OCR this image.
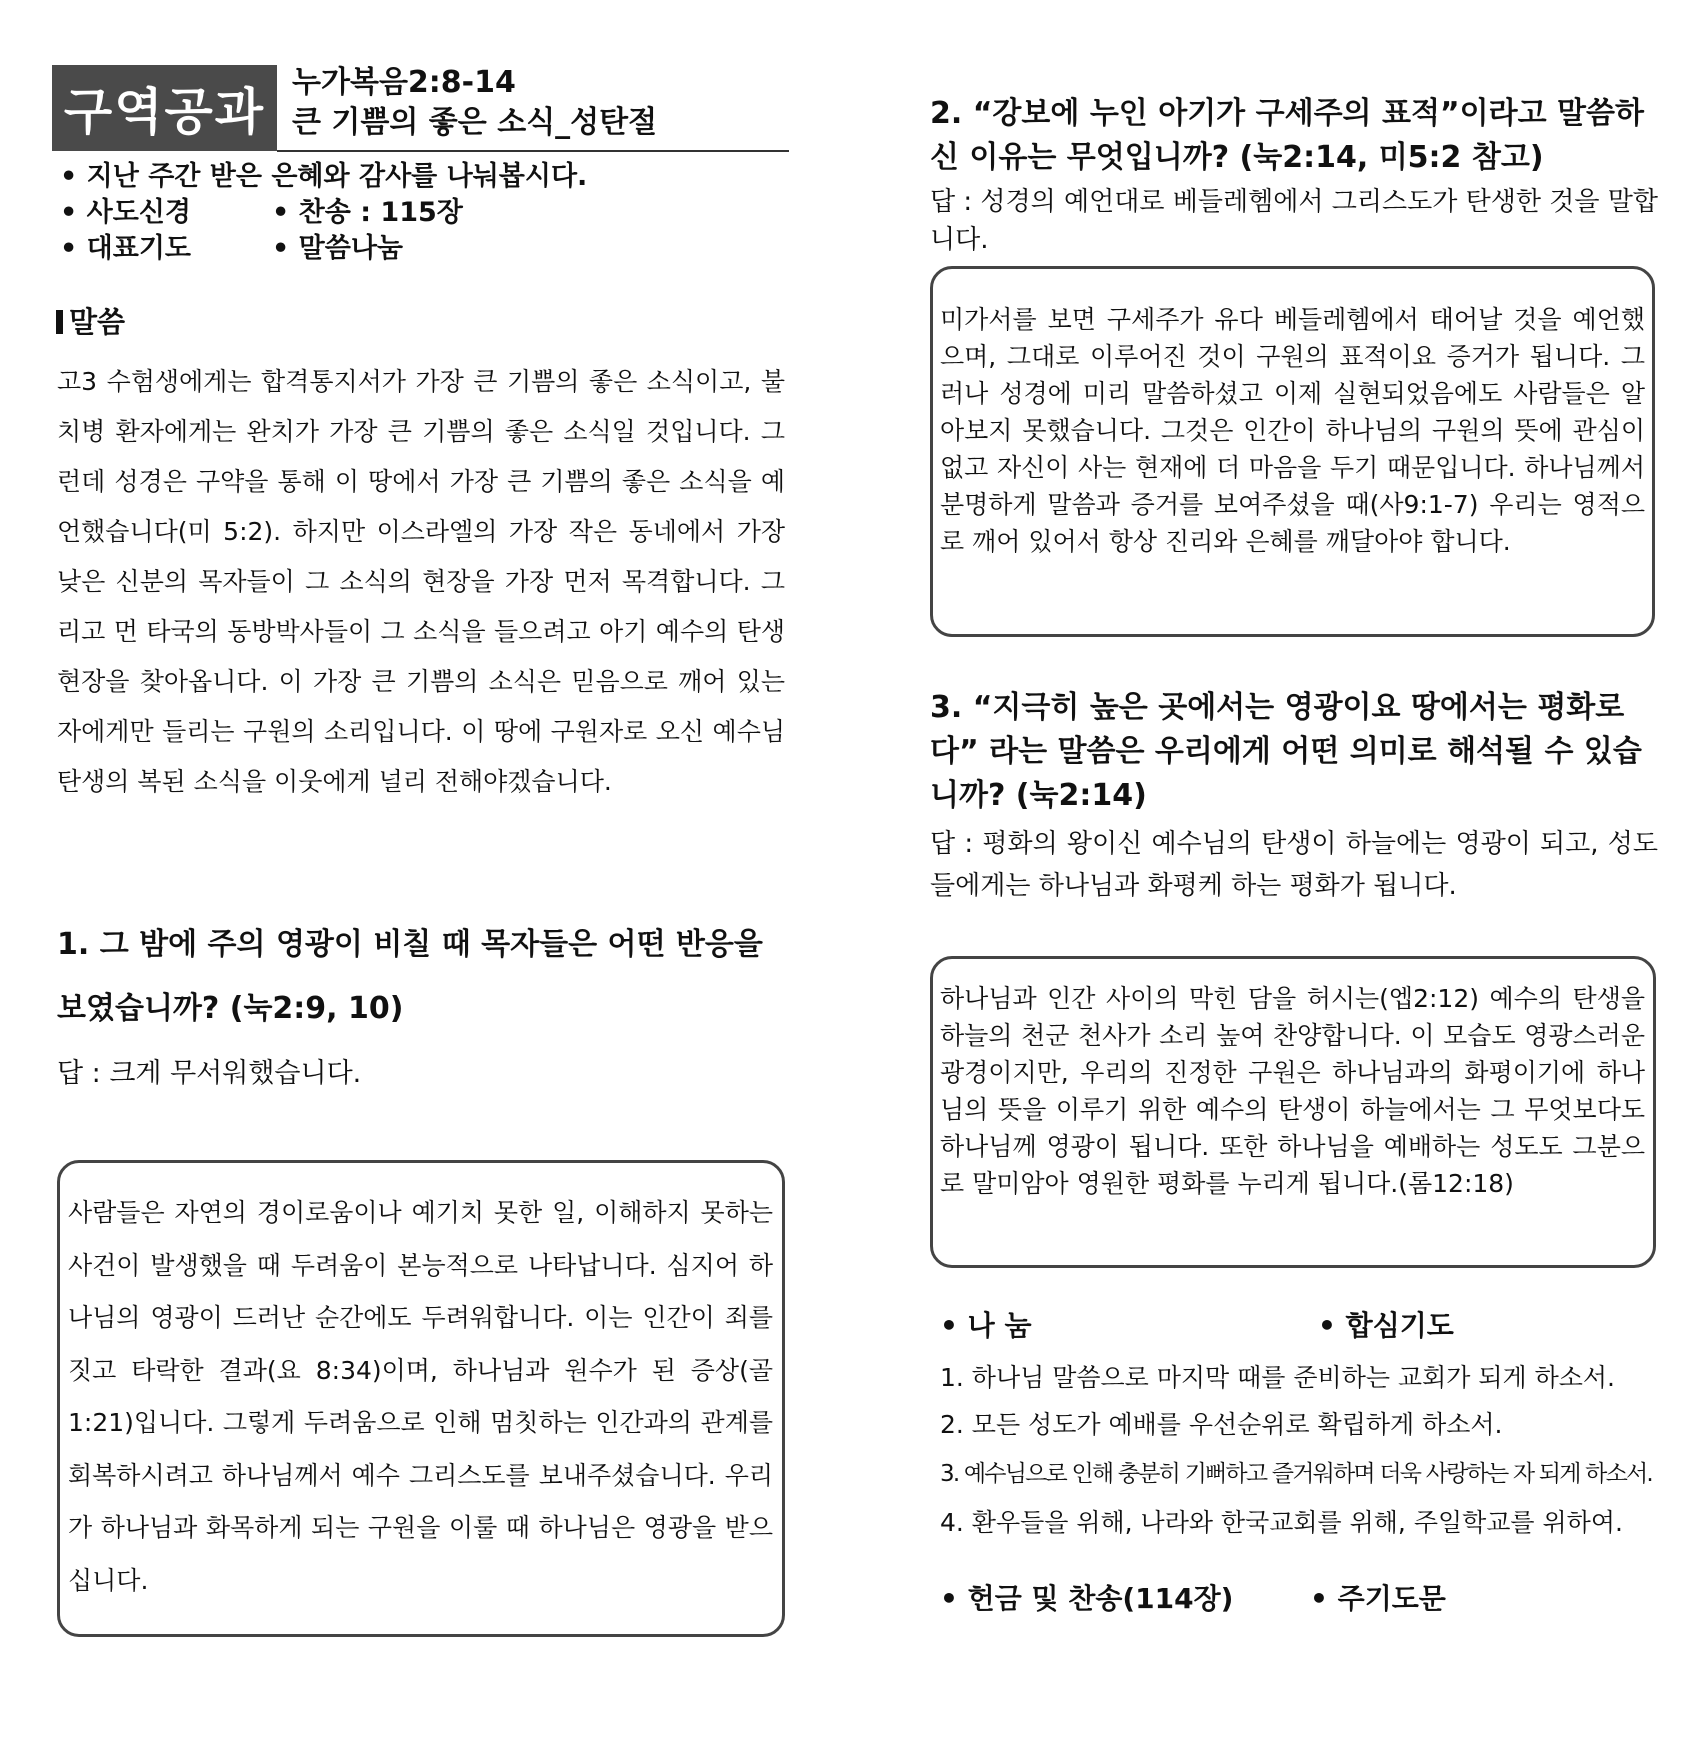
구역공과
누가복음2:8-14
큰 기쁨의 좋은 소식_성탄절
• 지난 주간 받은 은혜와 감사를 나눠봅시다.
• 사도신경	• 찬송 : 115장
• 대표기도	• 말씀나눔
말씀
고3 수험생에게는 합격통지서가 가장 큰 기쁨의 좋은 소식이고, 불치병 환자에게는 완치가 가장 큰 기쁨의 좋은 소식일 것입니다. 그런데 성경은 구약을 통해 이 땅에서 가장 큰 기쁨의 좋은 소식을 예언했습니다(미 5:2). 하지만 이스라엘의 가장 작은 동네에서 가장 낮은 신분의 목자들이 그 소식의 현장을 가장 먼저 목격합니다. 그리고 먼 타국의 동방박사들이 그 소식을 들으려고 아기 예수의 탄생 현장을 찾아옵니다. 이 가장 큰 기쁨의 소식은 믿음으로 깨어 있는 자에게만 들리는 구원의 소리입니다. 이 땅에 구원자로 오신 예수님 탄생의 복된 소식을 이웃에게 널리 전해야겠습니다.
1. 그 밤에 주의 영광이 비칠 때 목자들은 어떤 반응을 보였습니까? (눅2:9, 10)
답 : 크게 무서워했습니다.
사람들은 자연의 경이로움이나 예기치 못한 일, 이해하지 못하는 사건이 발생했을 때 두려움이 본능적으로 나타납니다. 심지어 하나님의 영광이 드러난 순간에도 두려워합니다. 이는 인간이 죄를 짓고 타락한 결과(요 8:34)이며, 하나님과 원수가 된 증상(골 1:21)입니다. 그렇게 두려움으로 인해 멈칫하는 인간과의 관계를 회복하시려고 하나님께서 예수 그리스도를 보내주셨습니다. 우리가 하나님과 화목하게 되는 구원을 이룰 때 하나님은 영광을 받으십니다.
2. “강보에 누인 아기가 구세주의 표적”이라고 말씀하신 이유는 무엇입니까? (눅2:14, 미5:2 참고)
답 : 성경의 예언대로 베들레헴에서 그리스도가 탄생한 것을 말합니다.
미가서를 보면 구세주가 유다 베들레헴에서 태어날 것을 예언했으며, 그대로 이루어진 것이 구원의 표적이요 증거가 됩니다. 그러나 성경에 미리 말씀하셨고 이제 실현되었음에도 사람들은 알아보지 못했습니다. 그것은 인간이 하나님의 구원의 뜻에 관심이 없고 자신이 사는 현재에 더 마음을 두기 때문입니다. 하나님께서 분명하게 말씀과 증거를 보여주셨을 때(사9:1-7) 우리는 영적으로 깨어 있어서 항상 진리와 은혜를 깨달아야 합니다.
3. “지극히 높은 곳에서는 영광이요 땅에서는 평화로다” 라는 말씀은 우리에게 어떤 의미로 해석될 수 있습니까? (눅2:14)
답 : 평화의 왕이신 예수님의 탄생이 하늘에는 영광이 되고, 성도들에게는 하나님과 화평케 하는 평화가 됩니다.
하나님과 인간 사이의 막힌 담을 허시는(엡2:12) 예수의 탄생을 하늘의 천군 천사가 소리 높여 찬양합니다. 이 모습도 영광스러운 광경이지만, 우리의 진정한 구원은 하나님과의 화평이기에 하나님의 뜻을 이루기 위한 예수의 탄생이 하늘에서는 그 무엇보다도 하나님께 영광이 됩니다. 또한 하나님을 예배하는 성도도 그분으로 말미암아 영원한 평화를 누리게 됩니다.(롬12:18)
• 나 눔	• 합심기도
1. 하나님 말씀으로 마지막 때를 준비하는 교회가 되게 하소서.
2. 모든 성도가 예배를 우선순위로 확립하게 하소서.
3. 예수님으로 인해 충분히 기뻐하고 즐거워하며 더욱 사랑하는 자 되게 하소서.
4. 환우들을 위해, 나라와 한국교회를 위해, 주일학교를 위하여.
• 헌금 및 찬송(114장)	• 주기도문
